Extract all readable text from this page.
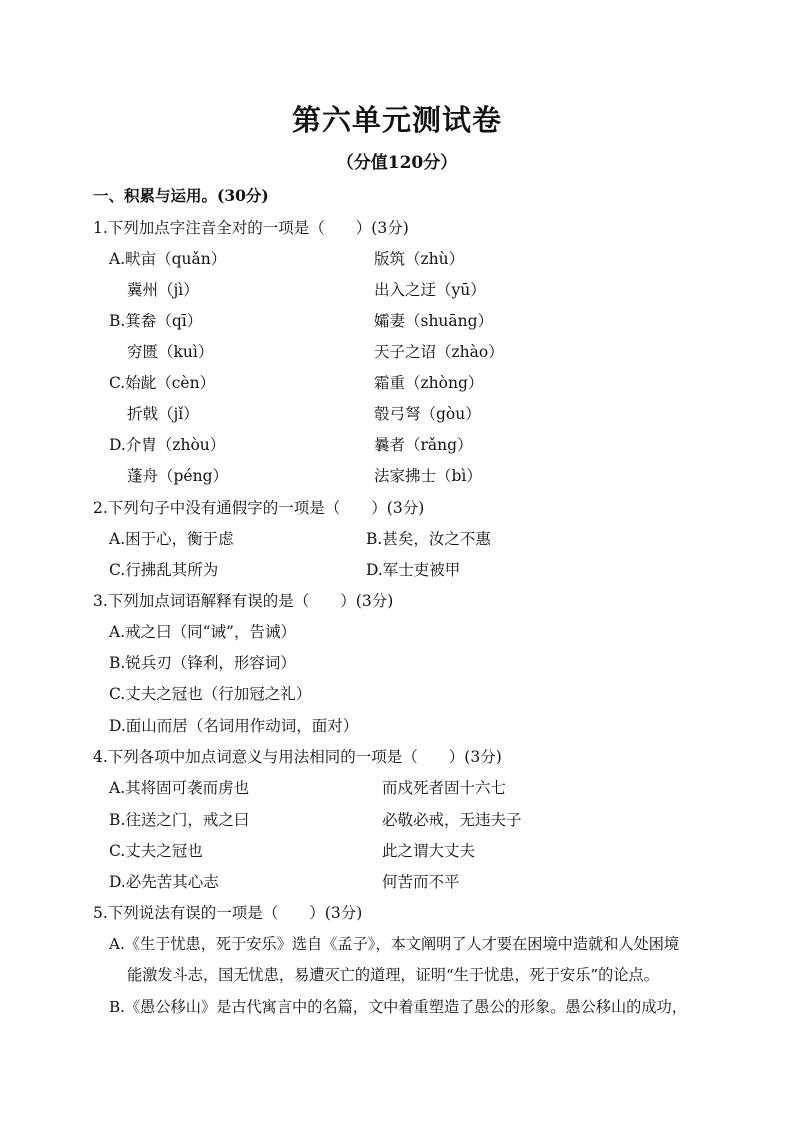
第六单元测试卷
（分值120分）
一、积累与运用。(30分)
1.下列加点字注音全对的一项是（　　）(3分)
A.畎亩（quǎn）	版筑（zhù）
冀州（jì）	出入之迂（yū）
B.箕畚（qī）	孀妻（shuāng）
穷匮（kuì）	天子之诏（zhào）
C.始龀（cèn）	霜重（zhòng）
折戟（jǐ）	彀弓弩（gòu）
D.介胄（zhòu）	曩者（rǎng）
蓬舟（péng）	法家拂士（bì）
2.下列句子中没有通假字的一项是（　　）(3分)
A.困于心，衡于虑	B.甚矣，汝之不惠
C.行拂乱其所为	D.军士吏被甲
3.下列加点词语解释有误的是（　　）(3分)
A.戒之曰（同“诫”，告诫）
B.锐兵刃（锋利，形容词）
C.丈夫之冠也（行加冠之礼）
D.面山而居（名词用作动词，面对）
4.下列各项中加点词意义与用法相同的一项是（　　）(3分)
A.其将固可袭而虏也	而戍死者固十六七
B.往送之门，戒之曰	必敬必戒，无违夫子
C.丈夫之冠也	此之谓大丈夫
D.必先苦其心志	何苦而不平
5.下列说法有误的一项是（　　）(3分)
A.《生于忧患，死于安乐》选自《孟子》，本文阐明了人才要在困境中造就和人处困境
能激发斗志，国无忧患，易遭灭亡的道理，证明“生于忧患，死于安乐”的论点。
B.《愚公移山》是古代寓言中的名篇，文中着重塑造了愚公的形象。愚公移山的成功，
